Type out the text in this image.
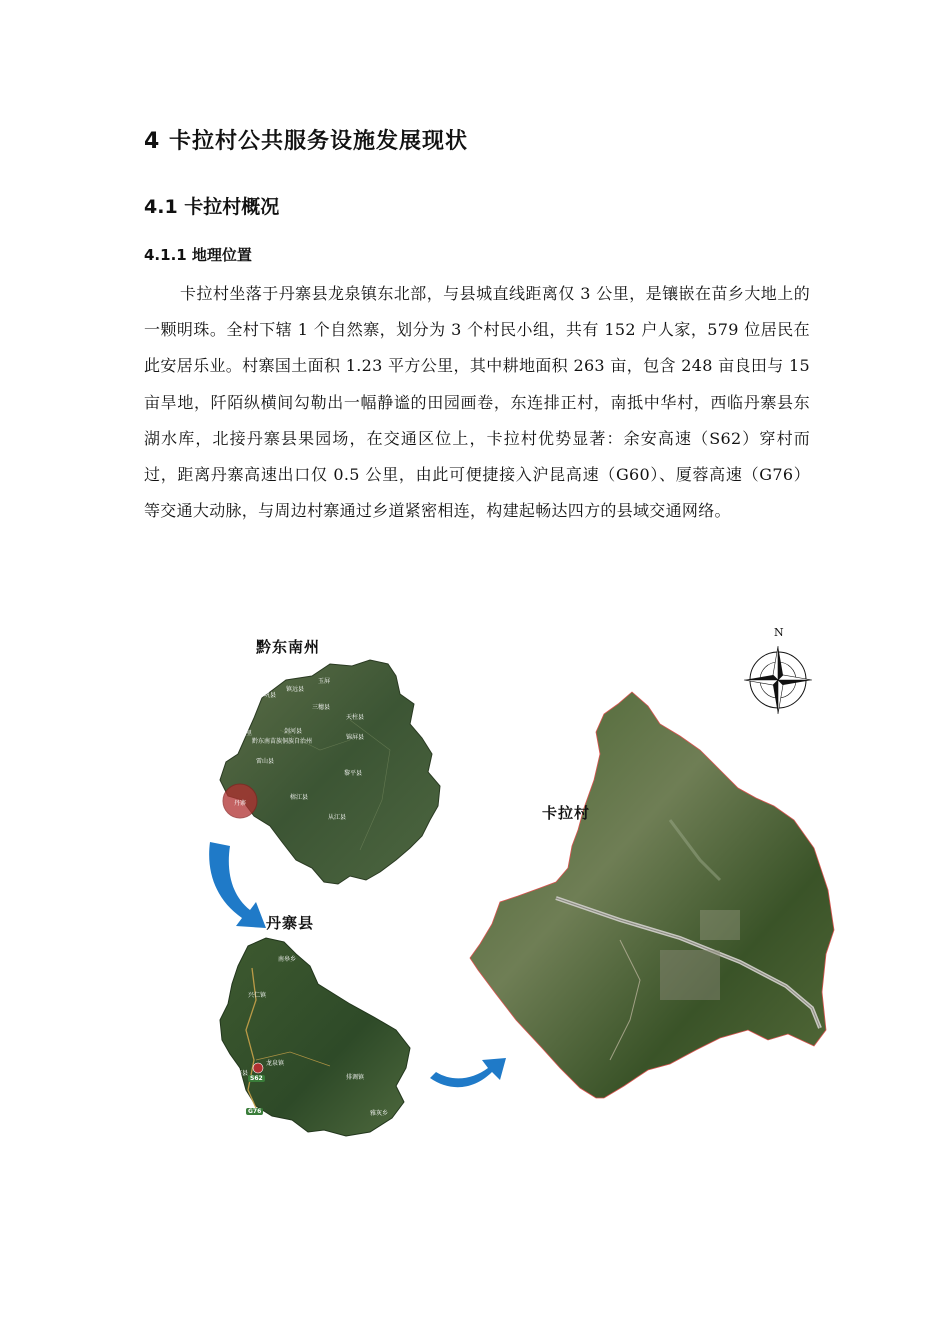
4 卡拉村公共服务设施发展现状
4.1 卡拉村概况
4.1.1 地理位置
卡拉村坐落于丹寨县龙泉镇东北部，与县城直线距离仅 3 公里，是镶嵌在苗乡大地上的一颗明珠。全村下辖 1 个自然寨，划分为 3 个村民小组，共有 152 户人家，579 位居民在此安居乐业。村寨国土面积 1.23 平方公里，其中耕地面积 263 亩，包含 248 亩良田与 15 亩旱地，阡陌纵横间勾勒出一幅静谧的田园画卷，东连排正村，南抵中华村，西临丹寨县东湖水库，北接丹寨县果园场，在交通区位上，卡拉村优势显著：余安高速（S62）穿村而过，距离丹寨高速出口仅 0.5 公里，由此可便捷接入沪昆高速（G60）、厦蓉高速（G76）等交通大动脉，与周边村寨通过乡道紧密相连，构建起畅达四方的县域交通网络。
N
黔东南州
丹寨县
卡拉村
玉屏
岑巩县
镇远县
三穗县
黄平县
天柱县
剑河县
锦屏县
黔东南苗族侗族自治州
凯里
麻江县
雷山县
黎平县
榕江县
从江县
丹寨
南皋乡
兴仁镇
龙泉镇
丹寨县
排调镇
雅灰乡
S62
G76
